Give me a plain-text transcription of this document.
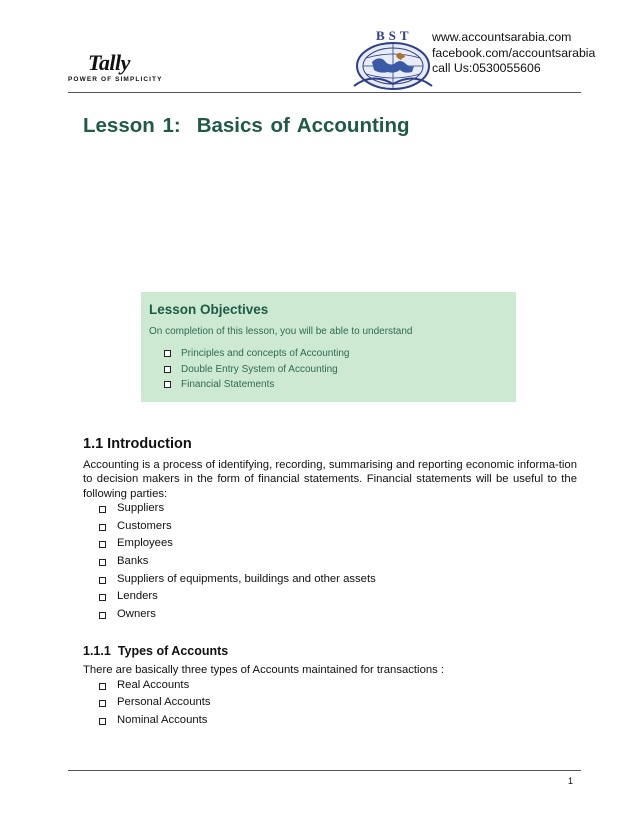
Tally
POWER OF SIMPLICITY
BST www.accountsarabia.com
facebook.com/accountsarabia
call Us:0530055606
Lesson 1: Basics of Accounting
Lesson Objectives
On completion of this lesson, you will be able to understand
Principles and concepts of Accounting
Double Entry System of Accounting
Financial Statements
1.1 Introduction
Accounting is a process of identifying, recording, summarising and reporting economic informa-tion to decision makers in the form of financial statements. Financial statements will be useful to the following parties:
Suppliers
Customers
Employees
Banks
Suppliers of equipments, buildings and other assets
Lenders
Owners
1.1.1 Types of Accounts
There are basically three types of Accounts maintained for transactions :
Real Accounts
Personal Accounts
Nominal Accounts
1
